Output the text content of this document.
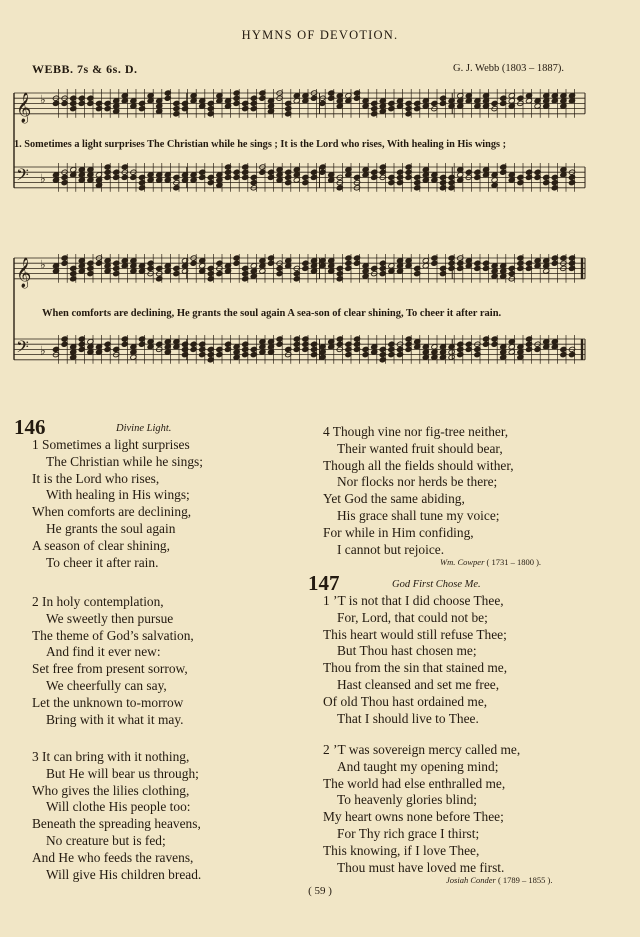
HYMNS OF DEVOTION.
WEBB. 7s & 6s. D.	G. J. Webb (1803 – 1887).
𝄞
𝄢
♭
♭
𝄞
𝄢
♭
♭
1. Sometimes a light surprises The Christian while he sings ; It is the Lord who rises, With healing in His wings ;
When comforts are declining, He grants the soul again A sea-son of clear shining, To cheer it after rain.
146	Divine Light.
1 Sometimes a light surprises
The Christian while he sings;
It is the Lord who rises,
With healing in His wings;
When comforts are declining,
He grants the soul again
A season of clear shining,
To cheer it after rain.
2 In holy contemplation,
We sweetly then pursue
The theme of God’s salvation,
And find it ever new:
Set free from present sorrow,
We cheerfully can say,
Let the unknown to-morrow
Bring with it what it may.
3 It can bring with it nothing,
But He will bear us through;
Who gives the lilies clothing,
Will clothe His people too:
Beneath the spreading heavens,
No creature but is fed;
And He who feeds the ravens,
Will give His children bread.
4 Though vine nor fig-tree neither,
Their wanted fruit should bear,
Though all the fields should wither,
Nor flocks nor herds be there;
Yet God the same abiding,
His grace shall tune my voice;
For while in Him confiding,
I cannot but rejoice.
Wm. Cowper ( 1731 – 1800 ).
147	God First Chose Me.
1 ’T is not that I did choose Thee,
For, Lord, that could not be;
This heart would still refuse Thee;
But Thou hast chosen me;
Thou from the sin that stained me,
Hast cleansed and set me free,
Of old Thou hast ordained me,
That I should live to Thee.
2 ’T was sovereign mercy called me,
And taught my opening mind;
The world had else enthralled me,
To heavenly glories blind;
My heart owns none before Thee;
For Thy rich grace I thirst;
This knowing, if I love Thee,
Thou must have loved me first.
Josiah Conder ( 1789 – 1855 ).
( 59 )
